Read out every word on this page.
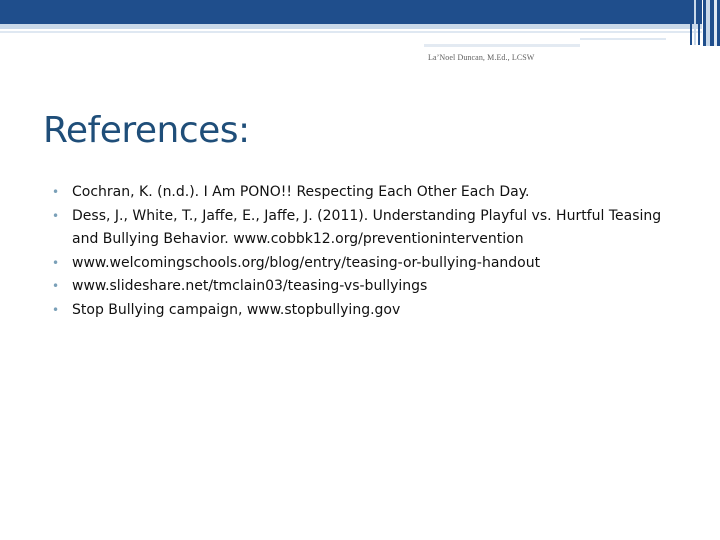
La’Noel Duncan, M.Ed., LCSW
References:
• Cochran, K. (n.d.). I Am PONO!! Respecting Each Other Each Day.
• Dess, J., White, T., Jaffe, E., Jaffe, J. (2011). Understanding Playful vs. Hurtful Teasing and Bullying Behavior. www.cobbk12.org/preventionintervention
• www.welcomingschools.org/blog/entry/teasing-or-bullying-handout
• www.slideshare.net/tmclain03/teasing-vs-bullyings
• Stop Bullying campaign, www.stopbullying.gov
